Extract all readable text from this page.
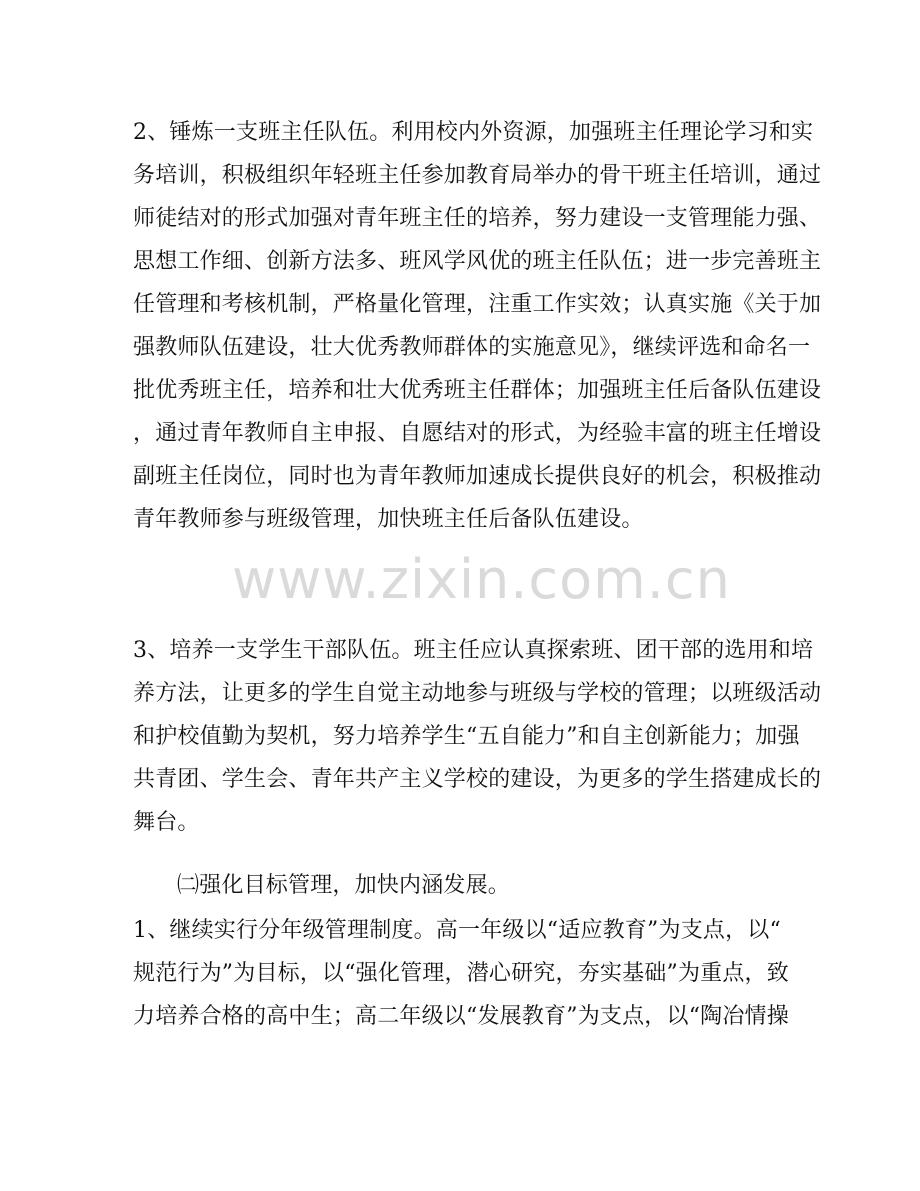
2、锤炼一支班主任队伍。利用校内外资源，加强班主任理论学习和实
务培训，积极组织年轻班主任参加教育局举办的骨干班主任培训，通过
师徒结对的形式加强对青年班主任的培养，努力建设一支管理能力强、
思想工作细、创新方法多、班风学风优的班主任队伍；进一步完善班主
任管理和考核机制，严格量化管理，注重工作实效；认真实施《关于加
强教师队伍建设，壮大优秀教师群体的实施意见》，继续评选和命名一
批优秀班主任，培养和壮大优秀班主任群体；加强班主任后备队伍建设
，通过青年教师自主申报、自愿结对的形式，为经验丰富的班主任增设
副班主任岗位，同时也为青年教师加速成长提供良好的机会，积极推动
青年教师参与班级管理，加快班主任后备队伍建设。
3、培养一支学生干部队伍。班主任应认真探索班、团干部的选用和培
养方法，让更多的学生自觉主动地参与班级与学校的管理；以班级活动
和护校值勤为契机，努力培养学生“五自能力”和自主创新能力；加强
共青团、学生会、青年共产主义学校的建设，为更多的学生搭建成长的
舞台。
㈡强化目标管理，加快内涵发展。
1、继续实行分年级管理制度。高一年级以“适应教育”为支点，以“
规范行为”为目标，以“强化管理，潜心研究，夯实基础”为重点，致
力培养合格的高中生；高二年级以“发展教育”为支点，以“陶冶情操
www.zixin.com.cn
